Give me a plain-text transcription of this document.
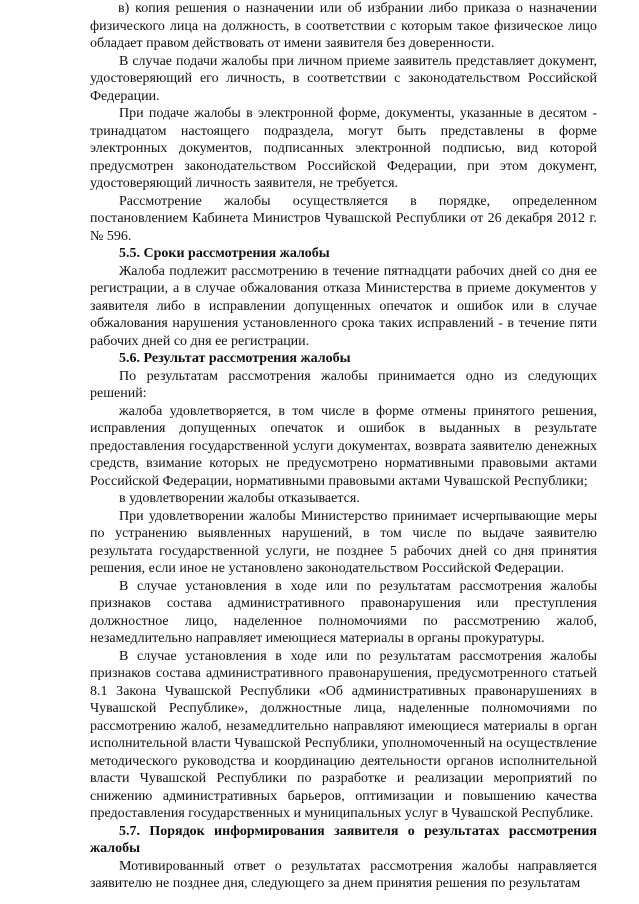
в) копия решения о назначении или об избрании либо приказа о назначении физического лица на должность, в соответствии с которым такое физическое лицо обладает правом действовать от имени заявителя без доверенности.

В случае подачи жалобы при личном приеме заявитель представляет документ, удостоверяющий его личность, в соответствии с законодательством Российской Федерации.

При подаче жалобы в электронной форме, документы, указанные в десятом - тринадцатом настоящего подраздела, могут быть представлены в форме электронных документов, подписанных электронной подписью, вид которой предусмотрен законодательством Российской Федерации, при этом документ, удостоверяющий личность заявителя, не требуется.

Рассмотрение жалобы осуществляется в порядке, определенном постановлением Кабинета Министров Чувашской Республики от 26 декабря 2012 г. № 596.

5.5. Сроки рассмотрения жалобы

Жалоба подлежит рассмотрению в течение пятнадцати рабочих дней со дня ее регистрации, а в случае обжалования отказа Министерства в приеме документов у заявителя либо в исправлении допущенных опечаток и ошибок или в случае обжалования нарушения установленного срока таких исправлений - в течение пяти рабочих дней со дня ее регистрации.

5.6. Результат рассмотрения жалобы

По результатам рассмотрения жалобы принимается одно из следующих решений:

жалоба удовлетворяется, в том числе в форме отмены принятого решения, исправления допущенных опечаток и ошибок в выданных в результате предоставления государственной услуги документах, возврата заявителю денежных средств, взимание которых не предусмотрено нормативными правовыми актами Российской Федерации, нормативными правовыми актами Чувашской Республики;

в удовлетворении жалобы отказывается.

При удовлетворении жалобы Министерство принимает исчерпывающие меры по устранению выявленных нарушений, в том числе по выдаче заявителю результата государственной услуги, не позднее 5 рабочих дней со дня принятия решения, если иное не установлено законодательством Российской Федерации.

В случае установления в ходе или по результатам рассмотрения жалобы признаков состава административного правонарушения или преступления должностное лицо, наделенное полномочиями по рассмотрению жалоб, незамедлительно направляет имеющиеся материалы в органы прокуратуры.

В случае установления в ходе или по результатам рассмотрения жалобы признаков состава административного правонарушения, предусмотренного статьей 8.1 Закона Чувашской Республики «Об административных правонарушениях в Чувашской Республике», должностные лица, наделенные полномочиями по рассмотрению жалоб, незамедлительно направляют имеющиеся материалы в орган исполнительной власти Чувашской Республики, уполномоченный на осуществление методического руководства и координацию деятельности органов исполнительной власти Чувашской Республики по разработке и реализации мероприятий по снижению административных барьеров, оптимизации и повышению качества предоставления государственных и муниципальных услуг в Чувашской Республике.

5.7. Порядок информирования заявителя о результатах рассмотрения жалобы

Мотивированный ответ о результатах рассмотрения жалобы направляется заявителю не позднее дня, следующего за днем принятия решения по результатам
